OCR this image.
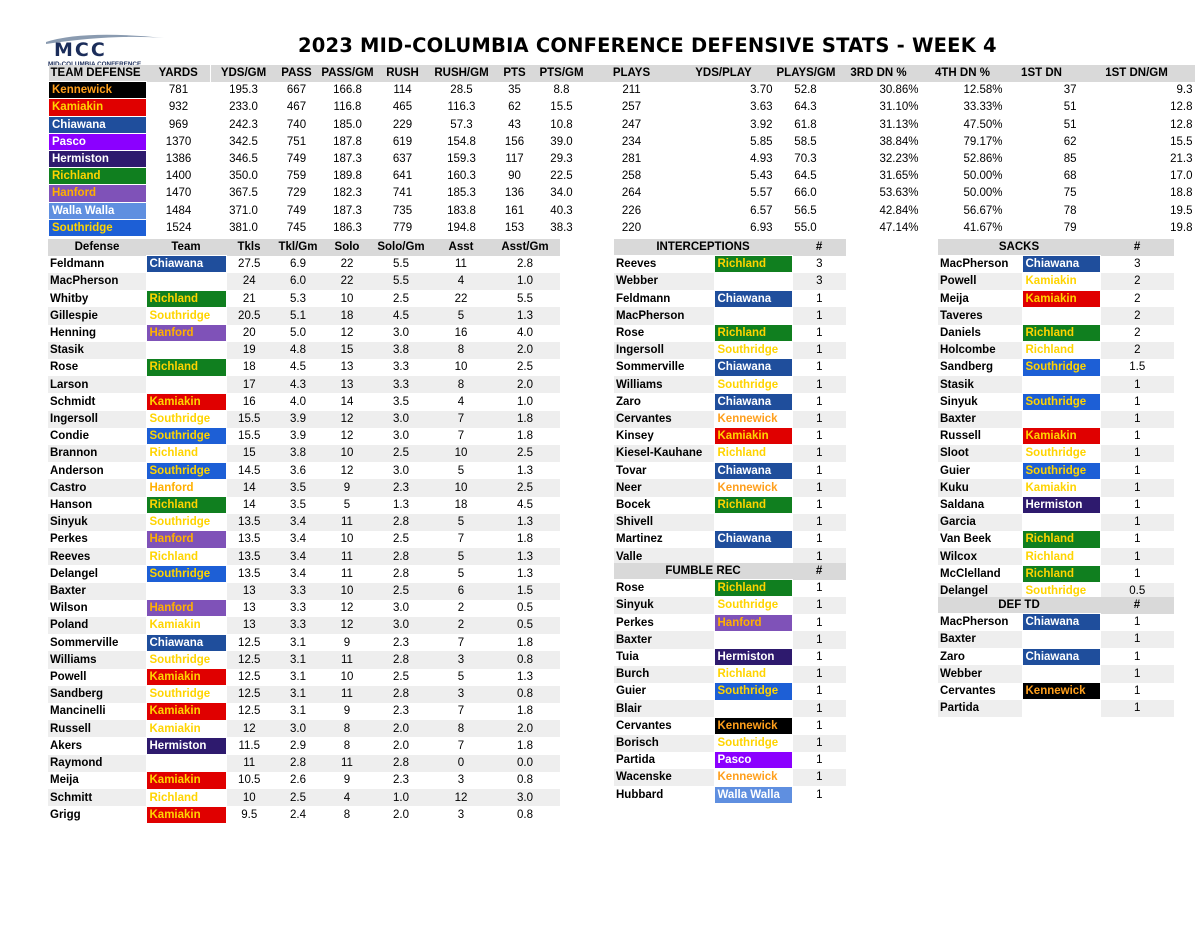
MCC	2023 MID-COLUMBIA CONFERENCE DEFENSIVE STATS - WEEK 4
TEAM DEFENSE	YARDS	YDS/GM	PASS	PASS/GM	RUSH	RUSH/GM	PTS	PTS/GM	PLAYS	YDS/PLAY	PLAYS/GM	3RD DN %	4TH DN %	1ST DN	1ST DN/GM
Kennewick	781	195.3	667	166.8	114	28.5	35	8.8	211	3.70	52.8	30.86%	12.58%	37	9.3
Kamiakin	932	233.0	467	116.8	465	116.3	62	15.5	257	3.63	64.3	31.10%	33.33%	51	12.8
Chiawana	969	242.3	740	185.0	229	57.3	43	10.8	247	3.92	61.8	31.13%	47.50%	51	12.8
Pasco	1370	342.5	751	187.8	619	154.8	156	39.0	234	5.85	58.5	38.84%	79.17%	62	15.5
Hermiston	1386	346.5	749	187.3	637	159.3	117	29.3	281	4.93	70.3	32.23%	52.86%	85	21.3
Richland	1400	350.0	759	189.8	641	160.3	90	22.5	258	5.43	64.5	31.65%	50.00%	68	17.0
Hanford	1470	367.5	729	182.3	741	185.3	136	34.0	264	5.57	66.0	53.63%	50.00%	75	18.8
Walla Walla	1484	371.0	749	187.3	735	183.8	161	40.3	226	6.57	56.5	42.84%	56.67%	78	19.5
Southridge	1524	381.0	745	186.3	779	194.8	153	38.3	220	6.93	55.0	47.14%	41.67%	79	19.8
Defense	Team	Tkls	Tkl/Gm	Solo	Solo/Gm	Asst	Asst/Gm
Feldmann	Chiawana	27.5	6.9	22	5.5	11	2.8
MacPherson	Chiawana	24	6.0	22	5.5	4	1.0
Whitby	Richland	21	5.3	10	2.5	22	5.5
Gillespie	Southridge	20.5	5.1	18	4.5	5	1.3
Henning	Hanford	20	5.0	12	3.0	16	4.0
Stasik	Hermiston	19	4.8	15	3.8	8	2.0
Rose	Richland	18	4.5	13	3.3	10	2.5
Larson	Hermiston	17	4.3	13	3.3	8	2.0
Schmidt	Kamiakin	16	4.0	14	3.5	4	1.0
Ingersoll	Southridge	15.5	3.9	12	3.0	7	1.8
Condie	Southridge	15.5	3.9	12	3.0	7	1.8
Brannon	Richland	15	3.8	10	2.5	10	2.5
Anderson	Southridge	14.5	3.6	12	3.0	5	1.3
Castro	Hanford	14	3.5	9	2.3	10	2.5
Hanson	Richland	14	3.5	5	1.3	18	4.5
Sinyuk	Southridge	13.5	3.4	11	2.8	5	1.3
Perkes	Hanford	13.5	3.4	10	2.5	7	1.8
Reeves	Richland	13.5	3.4	11	2.8	5	1.3
Delangel	Southridge	13.5	3.4	11	2.8	5	1.3
Baxter	Chiawana	13	3.3	10	2.5	6	1.5
Wilson	Hanford	13	3.3	12	3.0	2	0.5
Poland	Kamiakin	13	3.3	12	3.0	2	0.5
Sommerville	Chiawana	12.5	3.1	9	2.3	7	1.8
Williams	Southridge	12.5	3.1	11	2.8	3	0.8
Powell	Kamiakin	12.5	3.1	10	2.5	5	1.3
Sandberg	Southridge	12.5	3.1	11	2.8	3	0.8
Mancinelli	Kamiakin	12.5	3.1	9	2.3	7	1.8
Russell	Kamiakin	12	3.0	8	2.0	8	2.0
Akers	Hermiston	11.5	2.9	8	2.0	7	1.8
Raymond	Pasco	11	2.8	11	2.8	0	0.0
Meija	Kamiakin	10.5	2.6	9	2.3	3	0.8
Schmitt	Richland	10	2.5	4	1.0	12	3.0
Grigg	Kamiakin	9.5	2.4	8	2.0	3	0.8
INTERCEPTIONS		#
Reeves	Richland	3
Webber	Chiawana	3
Feldmann	Chiawana	1
MacPherson	Chiawana	1
Rose	Richland	1
Ingersoll	Southridge	1
Sommerville	Chiawana	1
Williams	Southridge	1
Zaro	Chiawana	1
Cervantes	Kennewick	1
Kinsey	Kamiakin	1
Kiesel-Kauhane	Richland	1
Tovar	Chiawana	1
Neer	Kennewick	1
Bocek	Richland	1
Shivell	Walla Walla	1
Martinez	Chiawana	1
Valle	Pasco	1
FUMBLE REC		#
Rose	Richland	1
Sinyuk	Southridge	1
Perkes	Hanford	1
Baxter	Chiawana	1
Tuia	Hermiston	1
Burch	Richland	1
Guier	Southridge	1
Blair	Chiawana	1
Cervantes	Kennewick	1
Borisch	Southridge	1
Partida	Pasco	1
Wacenske	Kennewick	1
Hubbard	Walla Walla	1
SACKS		#
MacPherson	Chiawana	3
Powell	Kamiakin	2
Meija	Kamiakin	2
Taveres	Pasco	2
Daniels	Richland	2
Holcombe	Richland	2
Sandberg	Southridge	1.5
Stasik	Hermiston	1
Sinyuk	Southridge	1
Baxter	Chiawana	1
Russell	Kamiakin	1
Sloot	Southridge	1
Guier	Southridge	1
Kuku	Kamiakin	1
Saldana	Hermiston	1
Garcia	Hermiston	1
Van Beek	Richland	1
Wilcox	Richland	1
McClelland	Richland	1
Delangel	Southridge	0.5
DEF TD		#
MacPherson	Chiawana	1
Baxter	Chiawana	1
Zaro	Chiawana	1
Webber	Chiawana	1
Cervantes	Kennewick	1
Partida	Pasco	1
